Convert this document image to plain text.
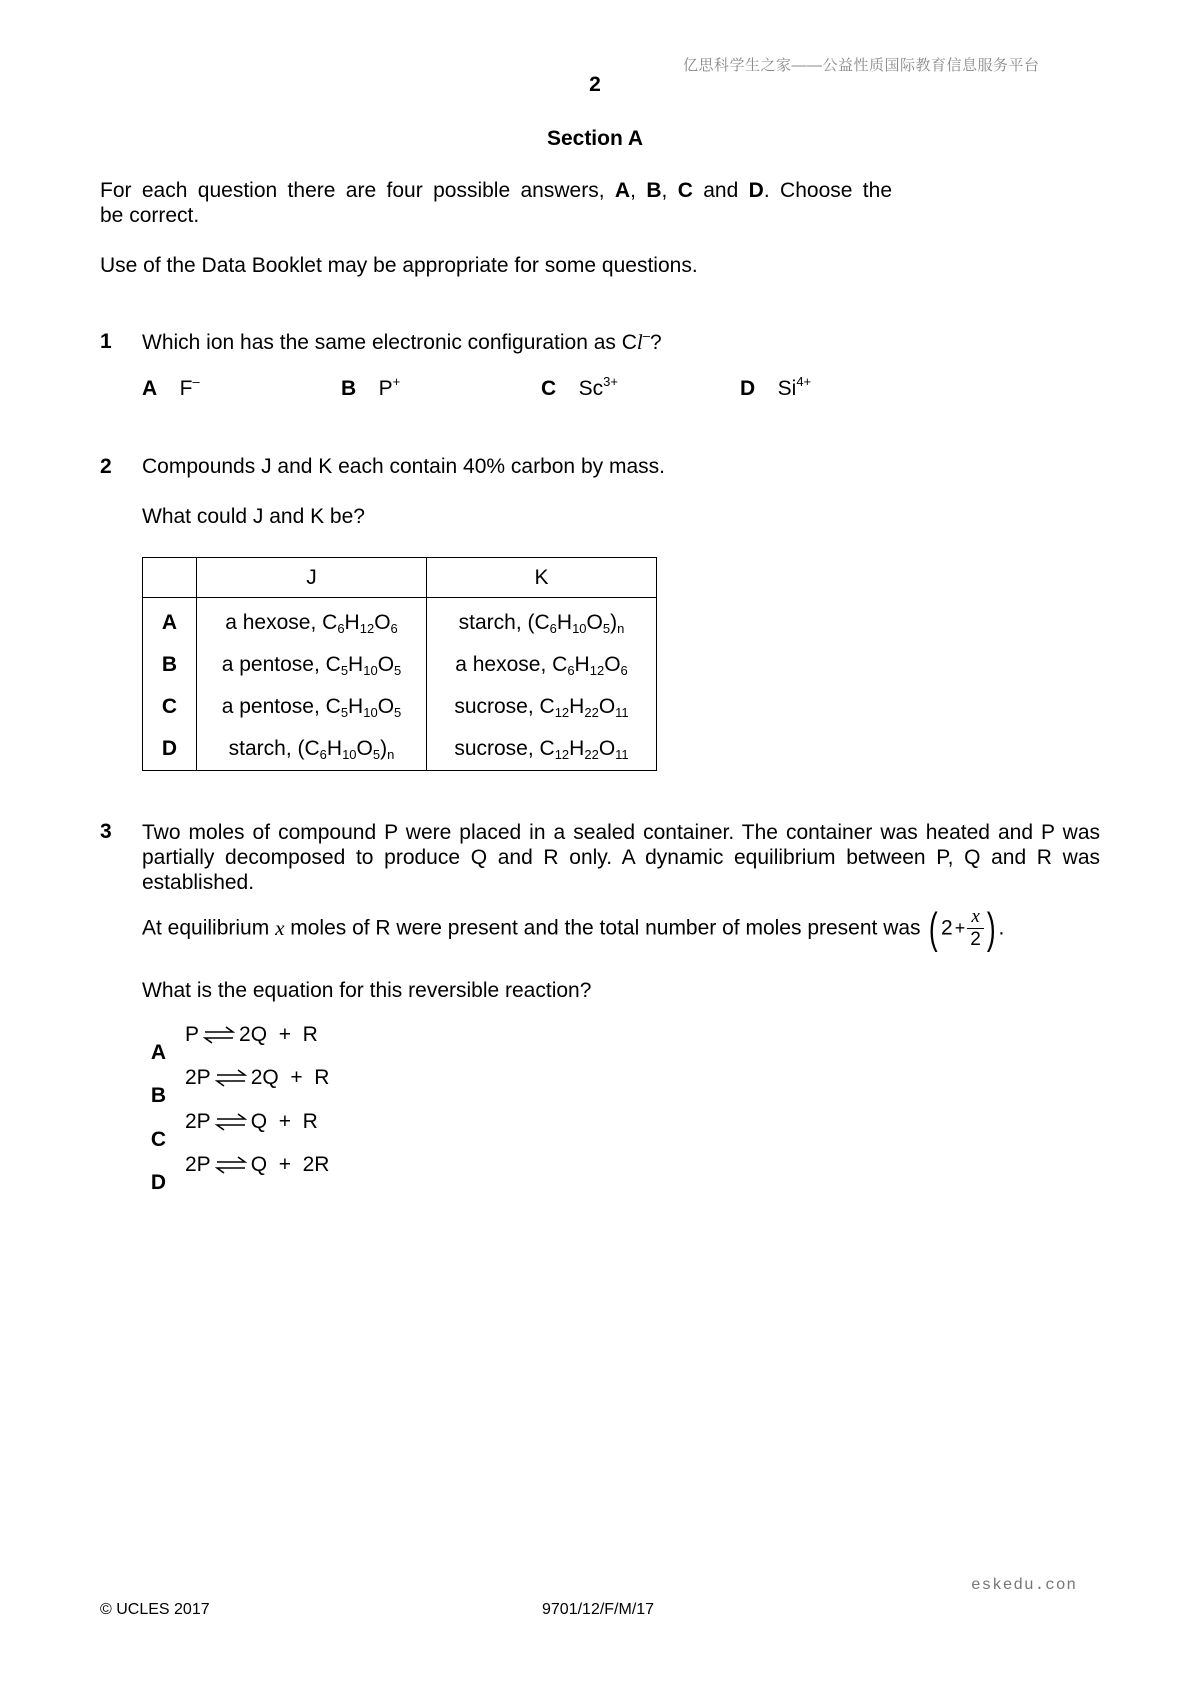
亿思科学生之家——公益性质国际教育信息服务平台
2
Section A
For each question there are four possible answers, A, B, C and D. Choose the
be correct.
Use of the Data Booklet may be appropriate for some questions.
1 Which ion has the same electronic configuration as Cl–?
A F–	B P+	C $Sc^{3+}$	D $Si^{4+}$
2 Compounds J and K each contain 40% carbon by mass.
What could J and K be?
	J	K
A	a hexose, $C_6H_{12}O_6$	starch, $(C_6H_{10}O_5)_n$
B	a pentose, $C_5H_{10}O_5$	a hexose, $C_6H_{12}O_6$
C	a pentose, $C_5H_{10}O_5$	sucrose, $C_{12}H_{22}O_{11}$
D	starch, $(C_6H_{10}O_5)_n$	sucrose, $C_{12}H_{22}O_{11}$
3 Two moles of compound P were placed in a sealed container. The container was heated and P was partially decomposed to produce Q and R only. A dynamic equilibrium between P, Q and R was established.
At equilibrium x moles of R were present and the total number of moles present was ( $2 + \frac{x}{2}$ ) .
What is the equation for this reversible reaction?

A
P ⇌ 2Q  +  R

B
2P ⇌ 2Q  +  R

C
2P ⇌ Q  +  R

D
2P ⇌ Q  +  2R

eskedu.con
© UCLES 2017	9701/12/F/M/17
